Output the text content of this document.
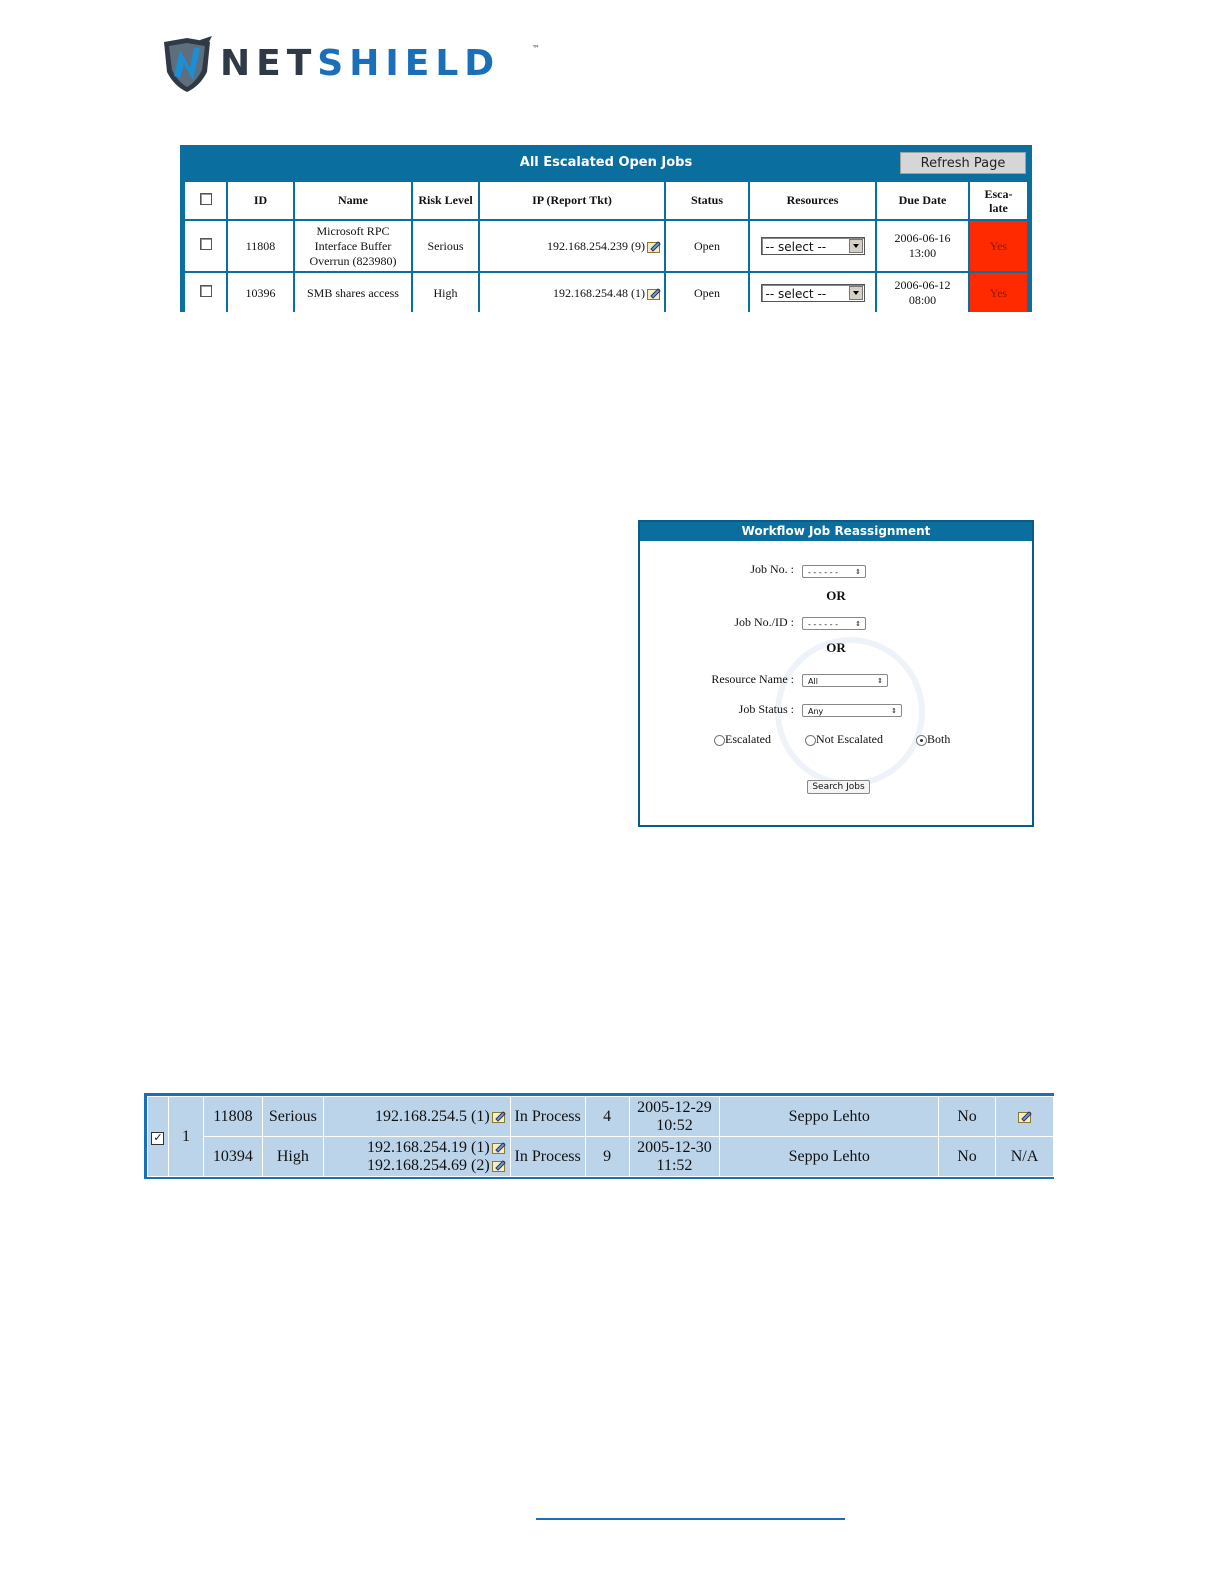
NETSHIELD	™
All Escalated Open Jobs	Refresh Page
	ID	Name	Risk Level	IP (Report Tkt)	Status	Resources	Due Date	Esca-
late
	11808	Microsoft RPC Interface Buffer Overrun (823980)	Serious	192.168.254.239 (9)	Open	-- select --	2006-06-16
13:00	Yes
	10396	SMB shares access	High	192.168.254.48 (1)	Open	-- select --	2006-06-12
08:00	Yes
Workflow Job Reassignment
Job No. :	- - - - - - ⇕
OR
Job No./ID :	- - - - - - ⇕
OR
Resource Name :	All	⇕
Job Status :	Any	⇕
Escalated	Not Escalated	Both
Search Jobs
✓	1	11808	Serious	192.168.254.5 (1)	In Process	4	2005-12-29
10:52	Seppo Lehto	No	
		10394	High	192.168.254.19 (1)
192.168.254.69 (2)	In Process	9	2005-12-30
11:52	Seppo Lehto	No	N/A
